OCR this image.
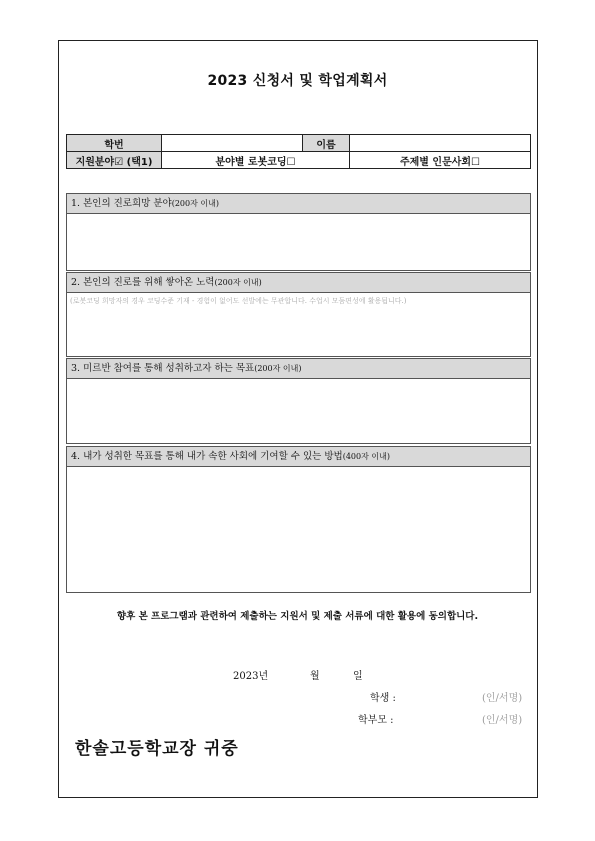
2023 신청서 및 학업계획서
학번		이름	
지원분야☑ (택1)	분야별 로봇코딩☐		주제별 인문사회☐
1. 본인의 진로희망 분야(200자 이내)
2. 본인의 진로를 위해 쌓아온 노력(200자 이내)
(로봇코딩 희망자의 경우 코딩수준 기재 - 경험이 없어도 선발에는 무관합니다. 수업시 모둠편성에 활용됩니다.)
3. 미르반 참여를 통해 성취하고자 하는 목표(200자 이내)
4. 내가 성취한 목표를 통해 내가 속한 사회에 기여할 수 있는 방법(400자 이내)
향후 본 프로그램과 관련하여 제출하는 지원서 및 제출 서류에 대한 활용에 동의합니다.
2023년	월	일
학생 :	(인/서명)
학부모 :	(인/서명)
한솔고등학교장 귀중
